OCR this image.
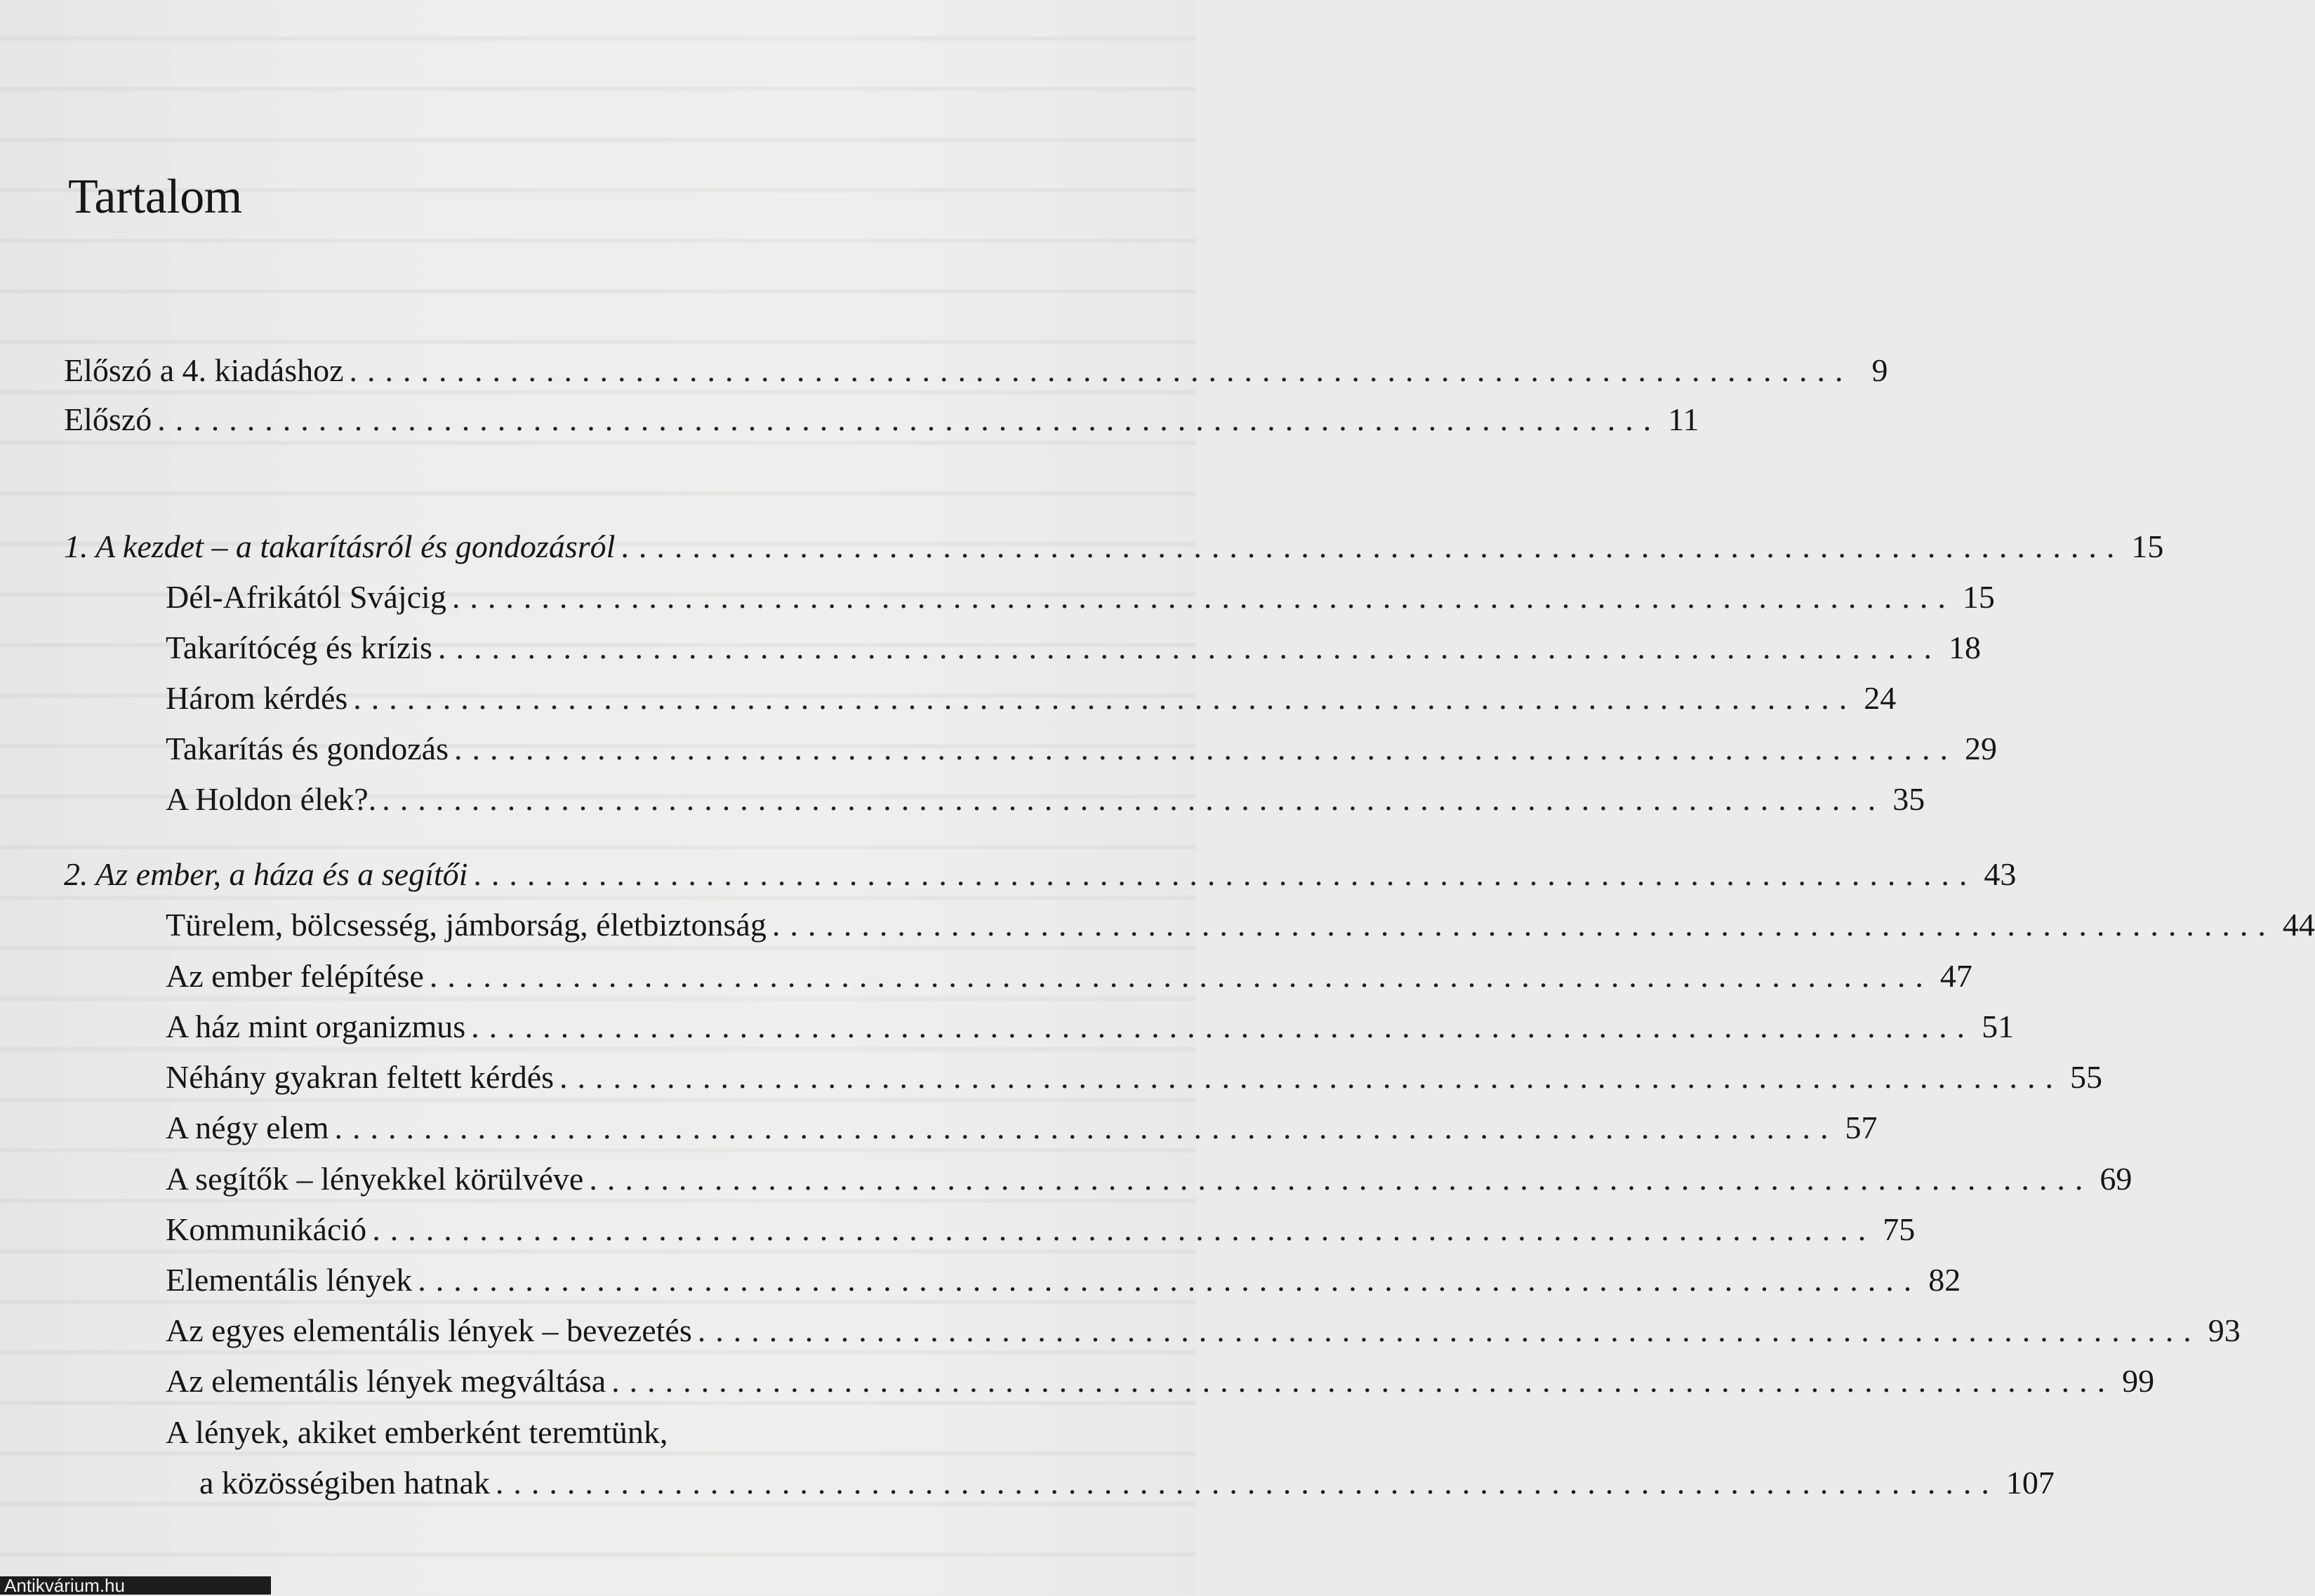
Tartalom
Előszó a 4. kiadáshoz .................................................................................... 9
Előszó .................................................................................... 11
1. A kezdet – a takarításról és gondozásról .................................................................................... 15
Dél-Afrikától Svájcig .................................................................................... 15
Takarítócég és krízis .................................................................................... 18
Három kérdés .................................................................................... 24
Takarítás és gondozás .................................................................................... 29
A Holdon élek?. .................................................................................... 35
2. Az ember, a háza és a segítői .................................................................................... 43
Türelem, bölcsesség, jámborság, életbiztonság .................................................................................... 44
Az ember felépítése .................................................................................... 47
A ház mint organizmus .................................................................................... 51
Néhány gyakran feltett kérdés .................................................................................... 55
A négy elem .................................................................................... 57
A segítők – lényekkel körülvéve .................................................................................... 69
Kommunikáció .................................................................................... 75
Elementális lények .................................................................................... 82
Az egyes elementális lények – bevezetés .................................................................................... 93
Az elementális lények megváltása .................................................................................... 99
A lények, akiket emberként teremtünk,
a közösségiben hatnak .................................................................................... 107
Antikvárium.hu
